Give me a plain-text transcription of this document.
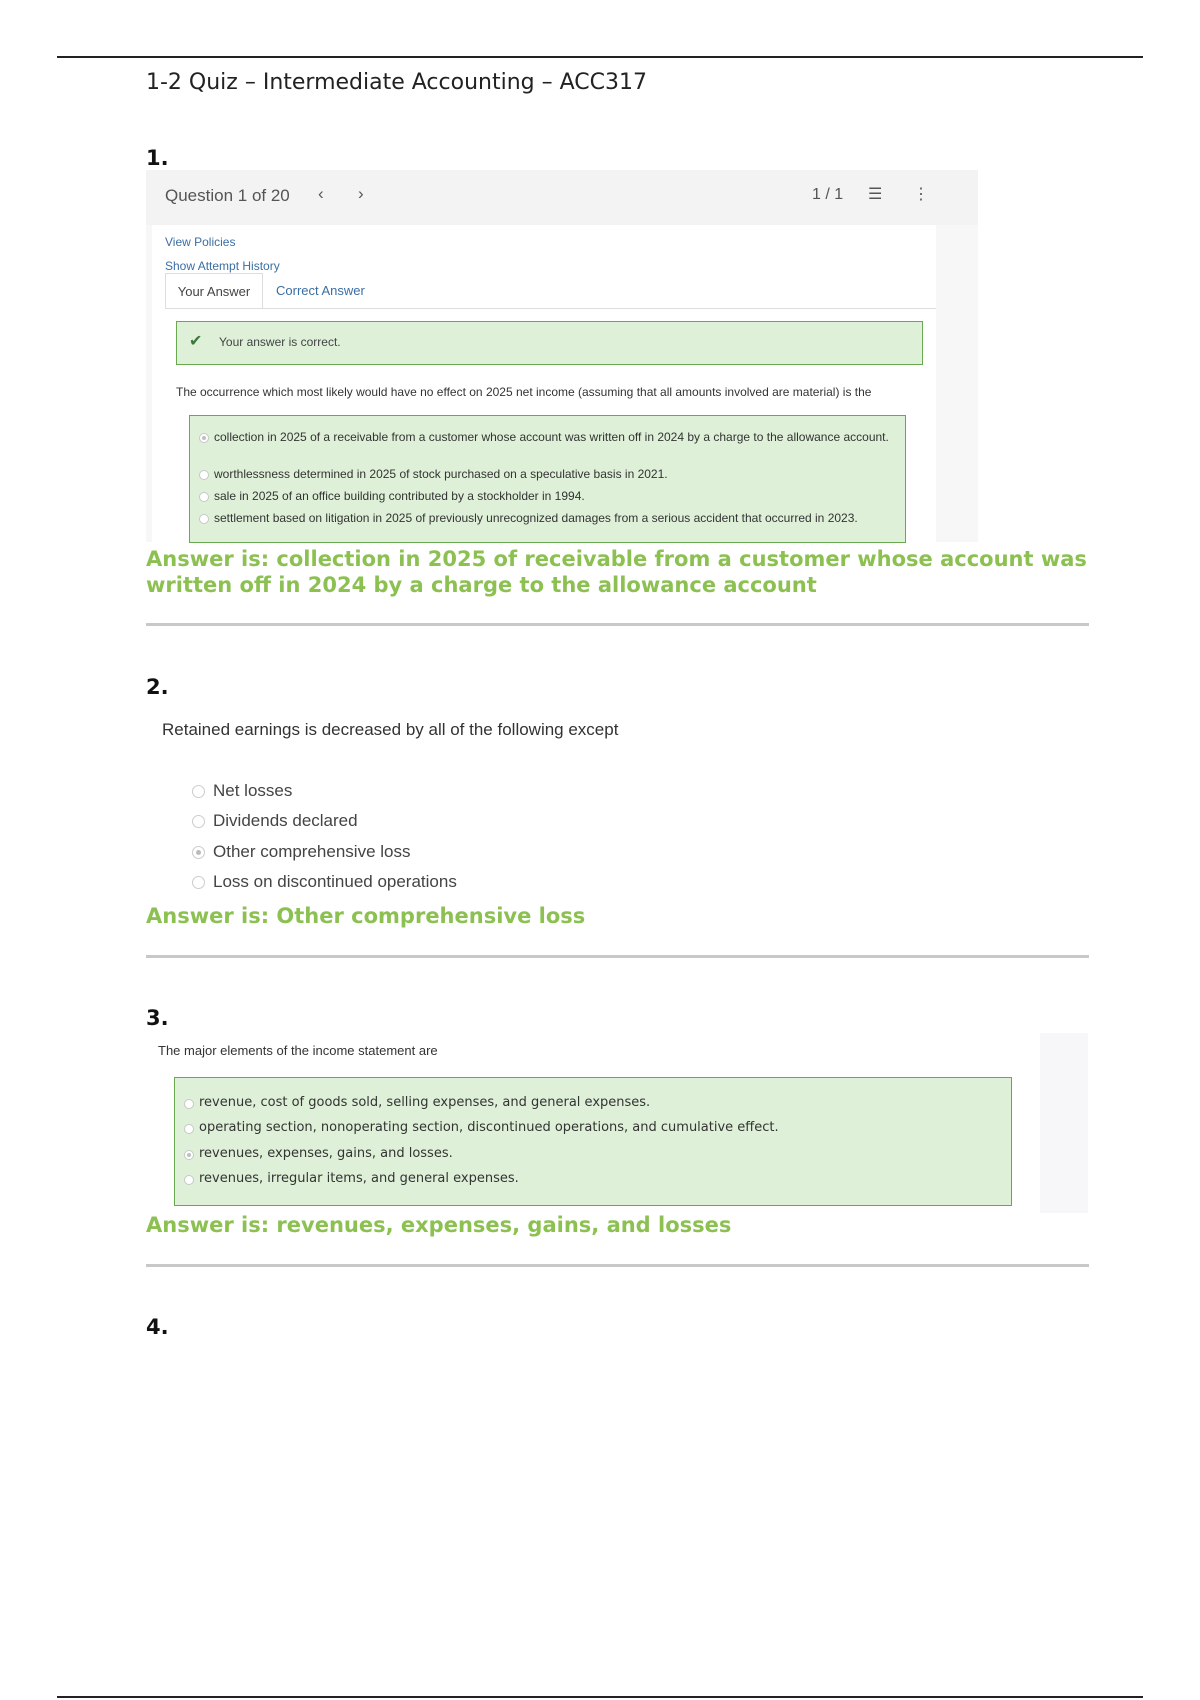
1-2 Quiz – Intermediate Accounting – ACC317
1.
Question 1 of 20 ‹ ›	1 / 1 ☰ ⋮
View Policies
Show Attempt History
Your Answer	Correct Answer
✔ Your answer is correct.
The occurrence which most likely would have no effect on 2025 net income (assuming that all amounts involved are material) is the
collection in 2025 of a receivable from a customer whose account was written off in 2024 by a charge to the allowance account.
worthlessness determined in 2025 of stock purchased on a speculative basis in 2021.
sale in 2025 of an office building contributed by a stockholder in 1994.
settlement based on litigation in 2025 of previously unrecognized damages from a serious accident that occurred in 2023.
Answer is: collection in 2025 of receivable from a customer whose account was written off in 2024 by a charge to the allowance account
2.
Retained earnings is decreased by all of the following except
Net losses
Dividends declared
Other comprehensive loss
Loss on discontinued operations
Answer is: Other comprehensive loss
3.
The major elements of the income statement are
revenue, cost of goods sold, selling expenses, and general expenses.
operating section, nonoperating section, discontinued operations, and cumulative effect.
revenues, expenses, gains, and losses.
revenues, irregular items, and general expenses.
Answer is: revenues, expenses, gains, and losses
4.
